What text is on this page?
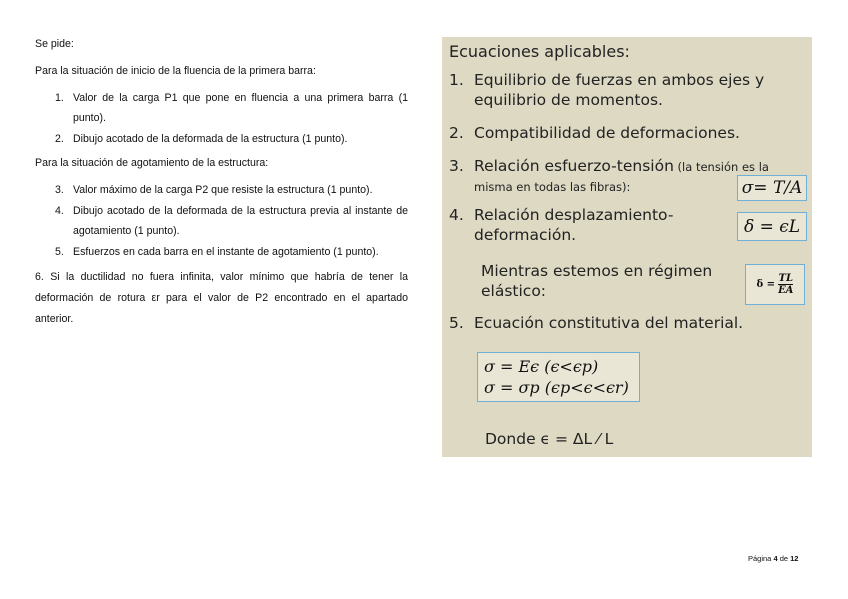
Se pide:

Para la situación de inicio de la fluencia de la primera barra:

1. Valor de la carga P1 que pone en fluencia a una primera barra (1 punto).
2. Dibujo acotado de la deformada de la estructura (1 punto).

Para la situación de agotamiento de la estructura:

3. Valor máximo de la carga P2 que resiste la estructura (1 punto).
4. Dibujo acotado de la deformada de la estructura previa al instante de agotamiento (1 punto).
5. Esfuerzos en cada barra en el instante de agotamiento (1 punto).

6. Si la ductilidad no fuera infinita, valor mínimo que habría de tener la deformación de rotura εr para el valor de P2 encontrado en el apartado anterior.

Ecuaciones aplicables:
1. Equilibrio de fuerzas en ambos ejes y
equilibrio de momentos.
2. Compatibilidad de deformaciones.
3. Relación esfuerzo-tensión (la tensión es la
misma en todas las fibras):	σ= T/A
4. Relación desplazamiento-
deformación.	δ = ϵL
Mientras estemos en régimen
elástico:	$\delta = \frac{TL}{EA}$
5. Ecuación constitutiva del material.
σ = Eϵ (ϵ<ϵp)
σ = σp (ϵp<ϵ<ϵr)
Donde ϵ = ΔL ⁄ L
Página 4 de 12
